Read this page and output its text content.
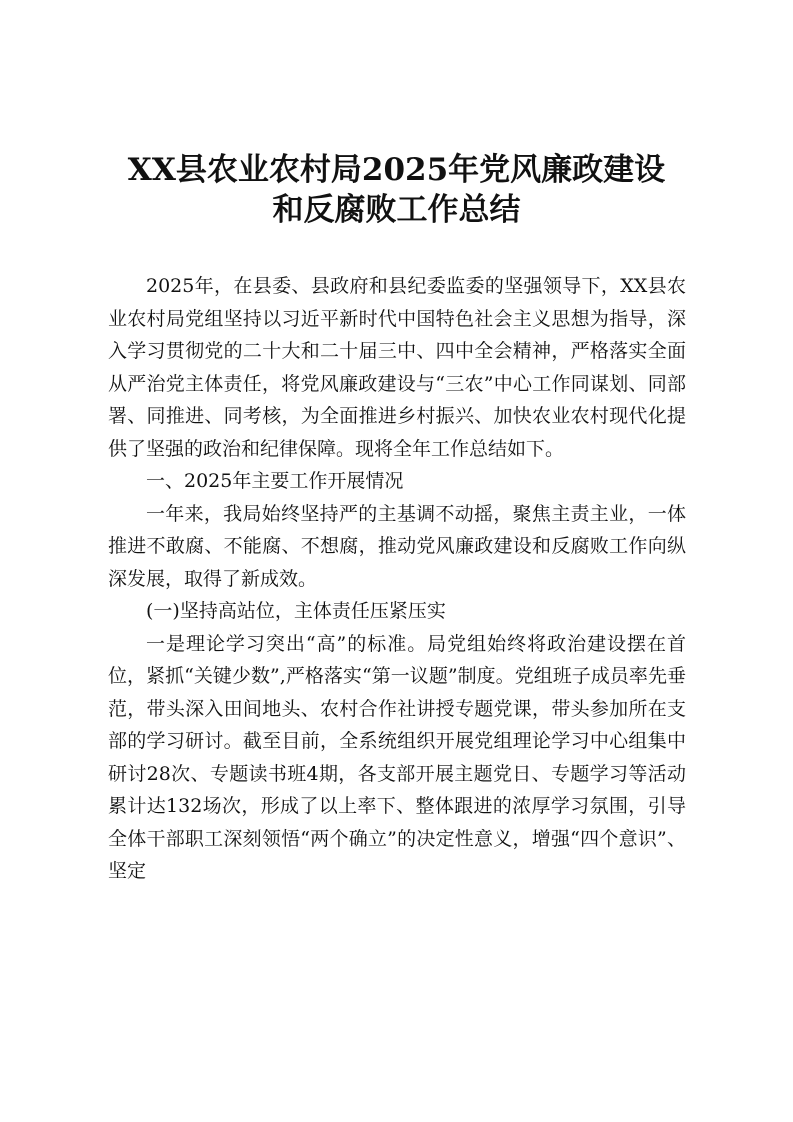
XX县农业农村局2025年党风廉政建设
和反腐败工作总结

2025年，在县委、县政府和县纪委监委的坚强领导下，XX县农业农村局党组坚持以习近平新时代中国特色社会主义思想为指导，深入学习贯彻党的二十大和二十届三中、四中全会精神，严格落实全面从严治党主体责任，将党风廉政建设与“三农”中心工作同谋划、同部署、同推进、同考核，为全面推进乡村振兴、加快农业农村现代化提供了坚强的政治和纪律保障。现将全年工作总结如下。

一、2025年主要工作开展情况

一年来，我局始终坚持严的主基调不动摇，聚焦主责主业，一体推进不敢腐、不能腐、不想腐，推动党风廉政建设和反腐败工作向纵深发展，取得了新成效。

(一)坚持高站位，主体责任压紧压实

一是理论学习突出“高”的标准。局党组始终将政治建设摆在首位，紧抓“关键少数”,严格落实“第一议题”制度。党组班子成员率先垂范，带头深入田间地头、农村合作社讲授专题党课，带头参加所在支部的学习研讨。截至目前，全系统组织开展党组理论学习中心组集中研讨28次、专题读书班4期，各支部开展主题党日、专题学习等活动累计达132场次，形成了以上率下、整体跟进的浓厚学习氛围，引导全体干部职工深刻领悟“两个确立”的决定性意义，增强“四个意识”、坚定
